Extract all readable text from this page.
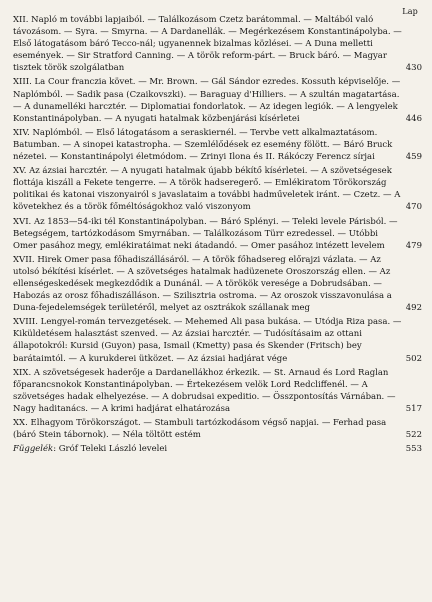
Lap
XII. Napló m további lapjaiból. — Találkozásom Czetz barátommal. — Maltából való távozásom. — Syra. — Smyrna. — A Dardanellák. — Megérkezésem Konstantinápolyba. — Első látogatásom báró Tecco-nál; ugyanennek bizalmas közlései. — A Duna melletti események. — Sir Stratford Canning. — A török reform-párt. — Bruck báró. — Magyar tisztek török szolgálatban	430
XIII. La Cour franczia követ. — Mr. Brown. — Gál Sándor ezredes. Kossuth képviselője. — Naplómból. — Sadik pasa (Czaikovszki). — Baraguay d'Hilliers. — A szultán magatartása. — A dunamelléki harcztér. — Diplomatiai fondorlatok. — Az idegen legiók. — A lengyelek Konstantinápolyban. — A nyugati hatalmak közbenjárási kísérletei	446
XIV. Naplómból. — Első látogatásom a seraskiernél. — Tervbe vett alkalmaztatásom. Batumban. — A sinopei katastropha. — Szemlélődések ez esemény fölött. — Báró Bruck nézetei. — Konstantinápolyi életmódom. — Zrinyi Ilona és II. Rákóczy Ferencz sírjai	459
XV. Az ázsiai harcztér. — A nyugati hatalmak újabb békítő kísérletei. — A szövetségesek flottája kiszáll a Fekete tengerre. — A török hadseregerő. — Emlékiratom Törökország politikai és katonai viszonyairól s javaslataim a további hadműveletek iránt. — Czetz. — A követekhez és a török főméltóságokhoz való viszonyom	470
XVI. Az 1853—54-iki tél Konstantinápolyban. — Báró Splényi. — Teleki levele Párisból. — Betegségem, tartózkodásom Smyrnában. — Találkozásom Türr ezredessel. — Utóbbi Omer pasához megy, emlékiratáimat neki átadandó. — Omer pasához intézett levelem	479
XVII. Hirek Omer pasa főhadiszállásáról. — A török főhadsereg előrajzi vázlata. — Az utolsó békítési kísérlet. — A szövetséges hatalmak hadüzenete Oroszország ellen. — Az ellenségeskedések megkezdődik a Dunánál. — A törökök veresége a Dobrudsában. — Habozás az orosz főhadiszálláson. — Szilisztria ostroma. — Az oroszok visszavonulása a Duna-fejedelemségek területéről, melyet az osztrákok szállanak meg	492
XVIII. Lengyel-román tervezgetések. — Mehemed Ali pasa bukása. — Utódja Riza pasa. — Kiküldetésem halasztást szenved. — Az ázsiai harcztér. — Tudósításaim az ottani állapotokról: Kursid (Guyon) pasa, Ismail (Kmetty) pasa és Skender (Fritsch) bey barátaimtól. — A kurukderei ütközet. — Az ázsiai hadjárat vége	502
XIX. A szövetségesek haderője a Dardanellákhoz érkezik. — St. Arnaud és Lord Raglan főparancsnokok Konstantinápolyban. — Értekezésem velök Lord Redcliffenél. — A szövetséges hadak elhelyezése. — A dobrudsai expeditio. — Összpontosítás Várnában. — Nagy haditanács. — A krimi hadjárat elhatározása	517
XX. Elhagyom Törökországot. — Stambuli tartózkodásom végső napjai. — Ferhad pasa (báró Stein tábornok). — Néla töltött estém	522
Függelék: Gróf Teleki László levelei	553
